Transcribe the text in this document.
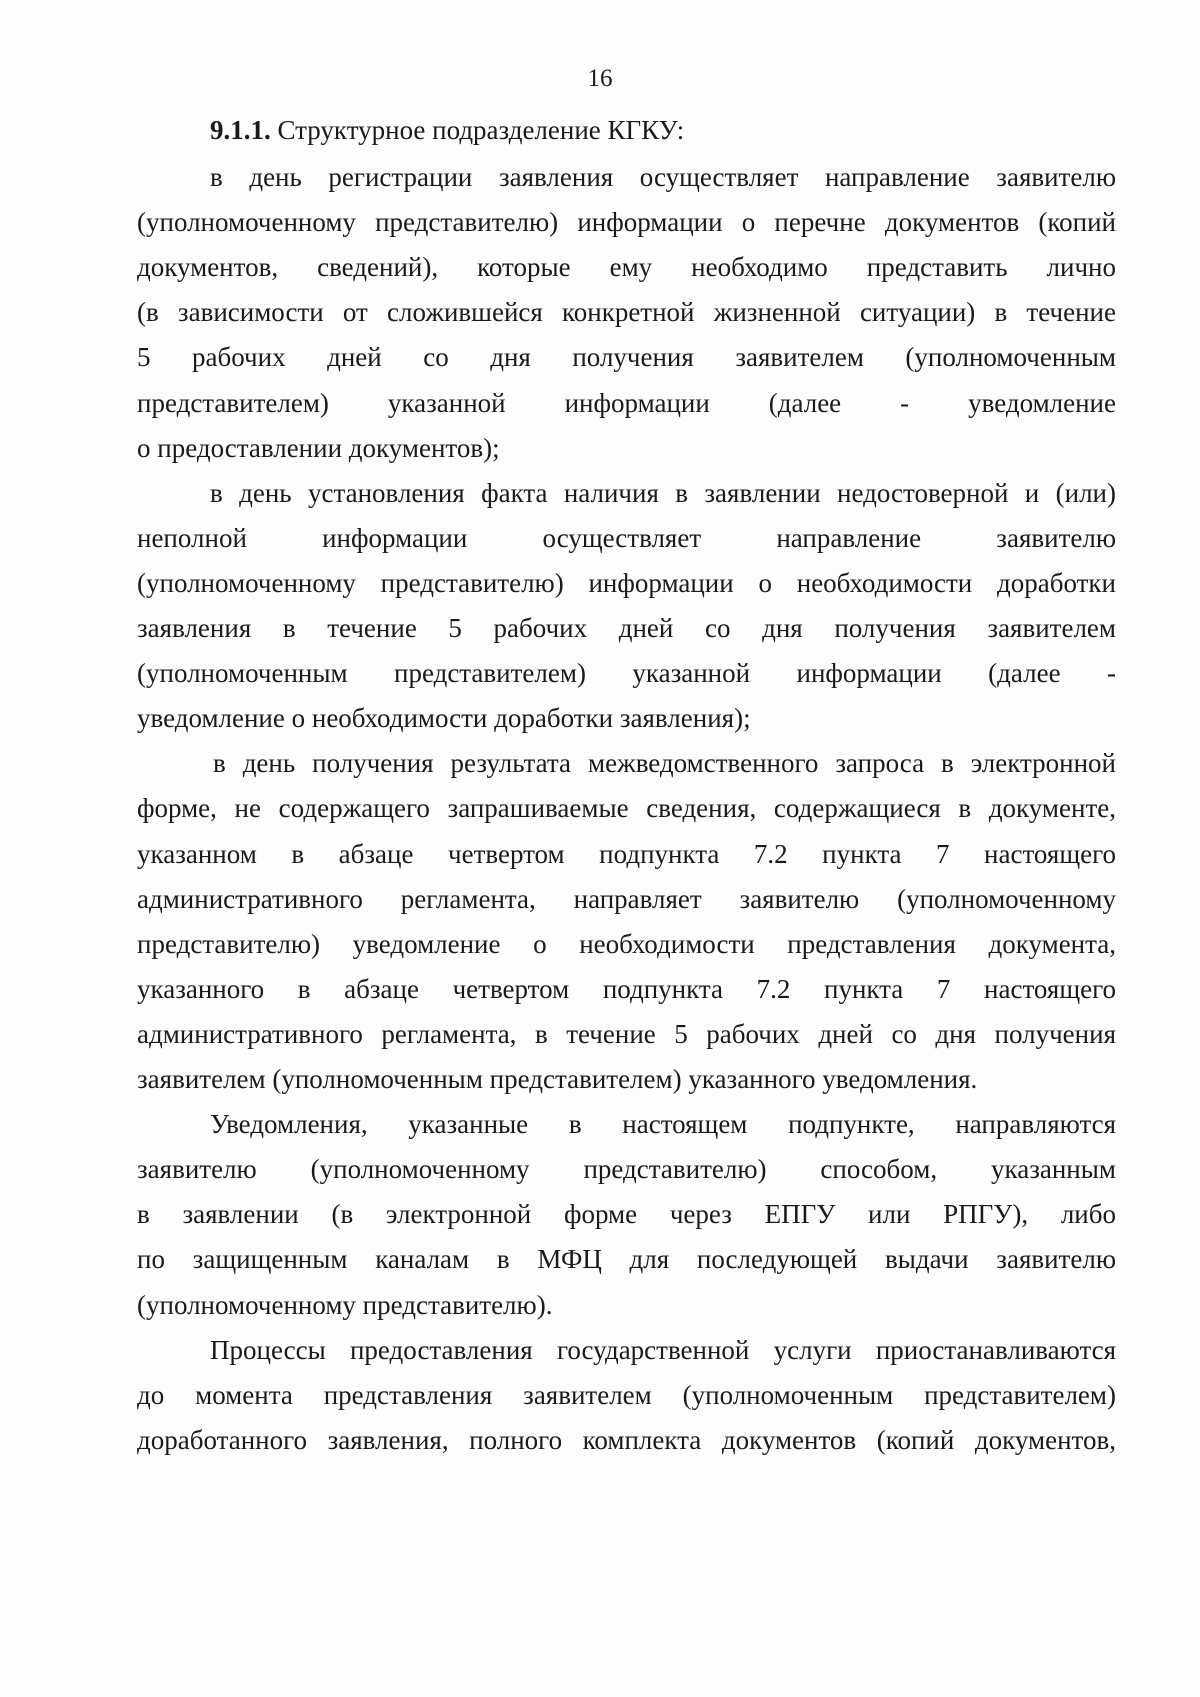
16
9.1.1. Структурное подразделение КГКУ:
в день регистрации заявления осуществляет направление заявителю
(уполномоченному представителю) информации о перечне документов (копий
документов, сведений), которые ему необходимо представить лично
(в зависимости от сложившейся конкретной жизненной ситуации) в течение
5 рабочих дней со дня получения заявителем (уполномоченным
представителем) указанной информации (далее - уведомление
о предоставлении документов);
в день установления факта наличия в заявлении недостоверной и (или)
неполной информации осуществляет направление заявителю
(уполномоченному представителю) информации о необходимости доработки
заявления в течение 5 рабочих дней со дня получения заявителем
(уполномоченным представителем) указанной информации (далее -
уведомление о необходимости доработки заявления);
в день получения результата межведомственного запроса в электронной
форме, не содержащего запрашиваемые сведения, содержащиеся в документе,
указанном в абзаце четвертом подпункта 7.2 пункта 7 настоящего
административного регламента, направляет заявителю (уполномоченному
представителю) уведомление о необходимости представления документа,
указанного в абзаце четвертом подпункта 7.2 пункта 7 настоящего
административного регламента, в течение 5 рабочих дней со дня получения
заявителем (уполномоченным представителем) указанного уведомления.
Уведомления, указанные в настоящем подпункте, направляются
заявителю (уполномоченному представителю) способом, указанным
в заявлении (в электронной форме через ЕПГУ или РПГУ), либо
по защищенным каналам в МФЦ для последующей выдачи заявителю
(уполномоченному представителю).
Процессы предоставления государственной услуги приостанавливаются
до момента представления заявителем (уполномоченным представителем)
доработанного заявления, полного комплекта документов (копий документов,
